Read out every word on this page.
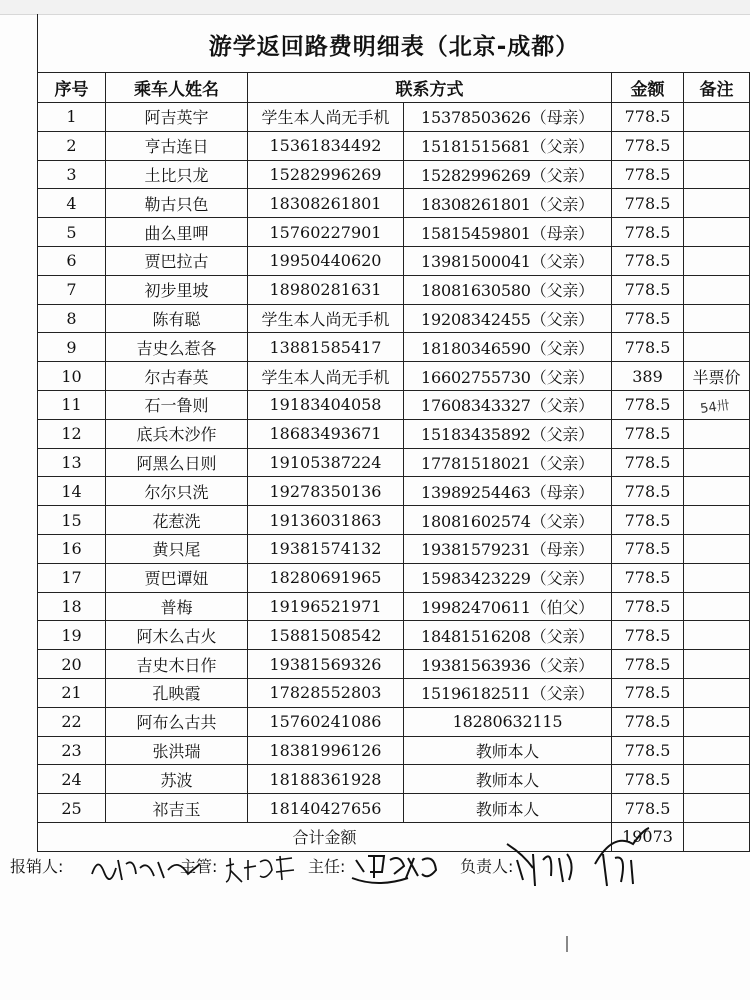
游学返回路费明细表（北京-成都）
序号	乘车人姓名	联系方式		金额	备注
1	阿吉英宇	学生本人尚无手机	15378503626（母亲）	778.5	
2	亨古连日	15361834492	15181515681（父亲）	778.5	
3	土比只龙	15282996269	15282996269（父亲）	778.5	
4	勒古只色	18308261801	18308261801（父亲）	778.5	
5	曲么里呷	15760227901	15815459801（母亲）	778.5	
6	贾巴拉古	19950440620	13981500041（父亲）	778.5	
7	初步里坡	18980281631	18081630580（父亲）	778.5	
8	陈有聪	学生本人尚无手机	19208342455（父亲）	778.5	
9	吉史么惹各	13881585417	18180346590（父亲）	778.5	
10	尔古春英	学生本人尚无手机	16602755730（父亲）	389	半票价
11	石一鲁则	19183404058	17608343327（父亲）	778.5	
12	底兵木沙作	18683493671	15183435892（父亲）	778.5	
13	阿黑么日则	19105387224	17781518021（父亲）	778.5	
14	尔尔只洗	19278350136	13989254463（母亲）	778.5	
15	花惹洗	19136031863	18081602574（父亲）	778.5	
16	黄只尾	19381574132	19381579231（母亲）	778.5	
17	贾巴谭妞	18280691965	15983423229（父亲）	778.5	
18	普梅	19196521971	19982470611（伯父）	778.5	
19	阿木么古火	15881508542	18481516208（父亲）	778.5	
20	吉史木日作	19381569326	19381563936（父亲）	778.5	
21	孔映霞	17828552803	15196182511（父亲）	778.5	
22	阿布么古共	15760241086	18280632115	778.5	
23	张洪瑞	18381996126	教师本人	778.5	
24	苏波	18188361928	教师本人	778.5	
25	祁吉玉	18140427656	教师本人	778.5	
合计金额				19073	
54卅
报销人:	主管:	主任:	负责人:
